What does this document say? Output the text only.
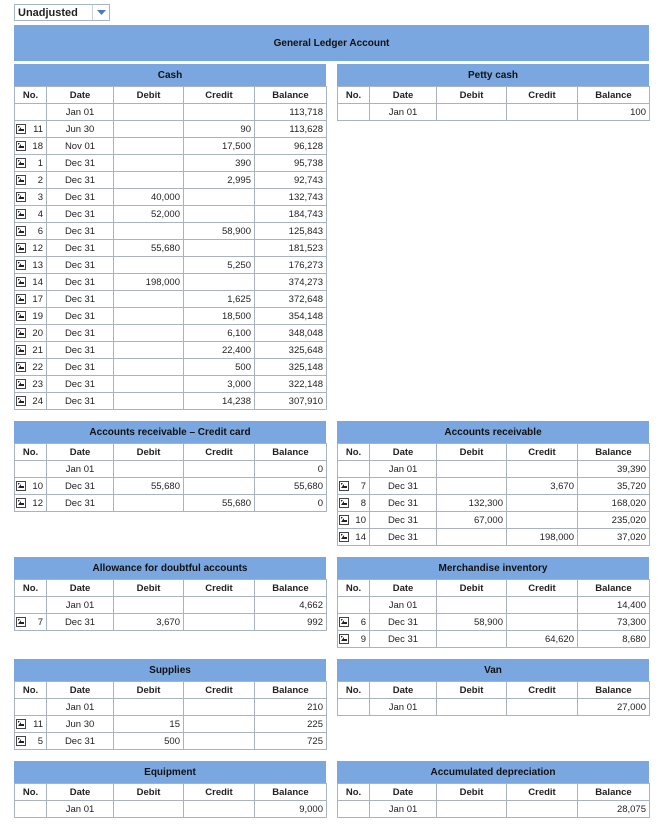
Unadjusted
General Ledger Account
Cash
No.	Date	Debit	Credit	Balance
	Jan 01			113,718

11	Jun 30		90	113,628

18	Nov 01		17,500	96,128

1	Dec 31		390	95,738

2	Dec 31		2,995	92,743

3	Dec 31	40,000		132,743

4	Dec 31	52,000		184,743

6	Dec 31		58,900	125,843

12	Dec 31	55,680		181,523

13	Dec 31		5,250	176,273

14	Dec 31	198,000		374,273

17	Dec 31		1,625	372,648

19	Dec 31		18,500	354,148

20	Dec 31		6,100	348,048

21	Dec 31		22,400	325,648

22	Dec 31		500	325,148

23	Dec 31		3,000	322,148

24	Dec 31		14,238	307,910
Petty cash
No.	Date	Debit	Credit	Balance
	Jan 01			100
Accounts receivable – Credit card
No.	Date	Debit	Credit	Balance
	Jan 01			0

10	Dec 31	55,680		55,680

12	Dec 31		55,680	0
Accounts receivable
No.	Date	Debit	Credit	Balance
	Jan 01			39,390

7	Dec 31		3,670	35,720

8	Dec 31	132,300		168,020

10	Dec 31	67,000		235,020

14	Dec 31		198,000	37,020
Allowance for doubtful accounts
No.	Date	Debit	Credit	Balance
	Jan 01			4,662

7	Dec 31	3,670		992
Merchandise inventory
No.	Date	Debit	Credit	Balance
	Jan 01			14,400

6	Dec 31	58,900		73,300

9	Dec 31		64,620	8,680
Supplies
No.	Date	Debit	Credit	Balance
	Jan 01			210

11	Jun 30	15		225

5	Dec 31	500		725
Van
No.	Date	Debit	Credit	Balance
	Jan 01			27,000
Equipment
No.	Date	Debit	Credit	Balance
	Jan 01			9,000
Accumulated depreciation
No.	Date	Debit	Credit	Balance
	Jan 01			28,075
